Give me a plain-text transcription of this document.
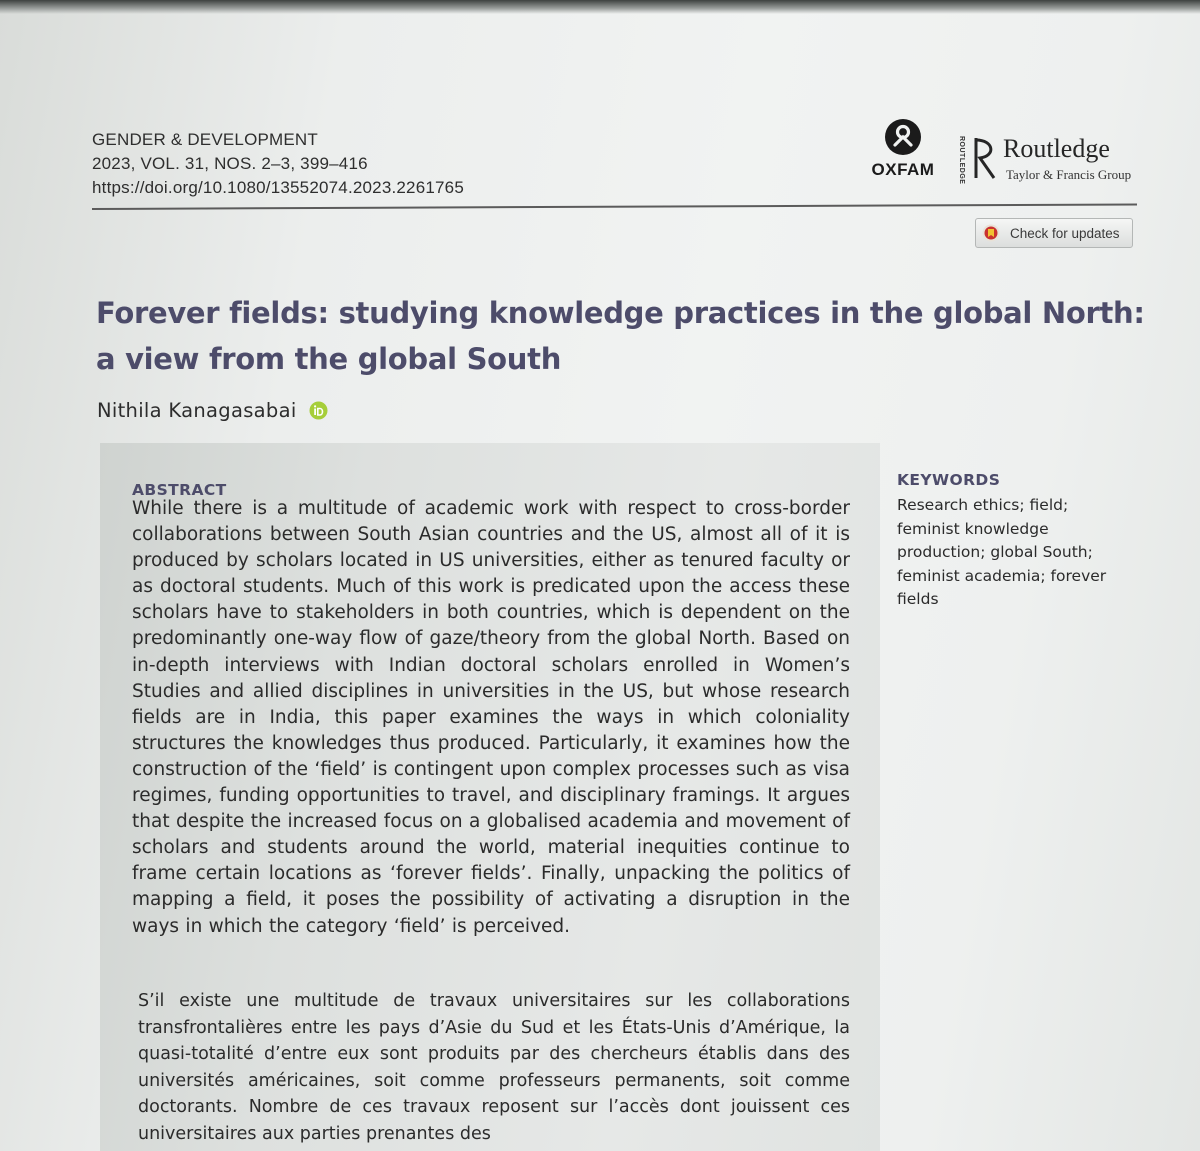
GENDER & DEVELOPMENT
2023, VOL. 31, NOS. 2–3, 399–416
https://doi.org/10.1080/13552074.2023.2261765
OXFAM	ROUTLEDGE Routledge
Taylor & Francis Group
Check for updates
Forever fields: studying knowledge practices in the global North: a view from the global South
Nithila Kanagasabai
ABSTRACT
While there is a multitude of academic work with respect to cross-border collaborations between South Asian countries and the US, almost all of it is produced by scholars located in US universities, either as tenured faculty or as doctoral students. Much of this work is predicated upon the access these scholars have to stakeholders in both countries, which is dependent on the predominantly one-way flow of gaze/theory from the global North. Based on in-depth interviews with Indian doctoral scholars enrolled in Women’s Studies and allied disciplines in universities in the US, but whose research fields are in India, this paper examines the ways in which coloniality structures the knowledges thus produced. Particularly, it examines how the construction of the ‘field’ is contingent upon complex processes such as visa regimes, funding opportunities to travel, and disciplinary framings. It argues that despite the increased focus on a globalised academia and movement of scholars and students around the world, material inequities continue to frame certain locations as ‘forever fields’. Finally, unpacking the politics of mapping a field, it poses the possibility of activating a disruption in the ways in which the category ‘field’ is perceived.
S’il existe une multitude de travaux universitaires sur les collaborations transfrontalières entre les pays d’Asie du Sud et les États-Unis d’Amérique, la quasi-totalité d’entre eux sont produits par des chercheurs établis dans des universités américaines, soit comme professeurs permanents, soit comme doctorants. Nombre de ces travaux reposent sur l’accès dont jouissent ces universitaires aux parties prenantes des
KEYWORDS
Research ethics; field; feminist knowledge production; global South; feminist academia; forever fields
